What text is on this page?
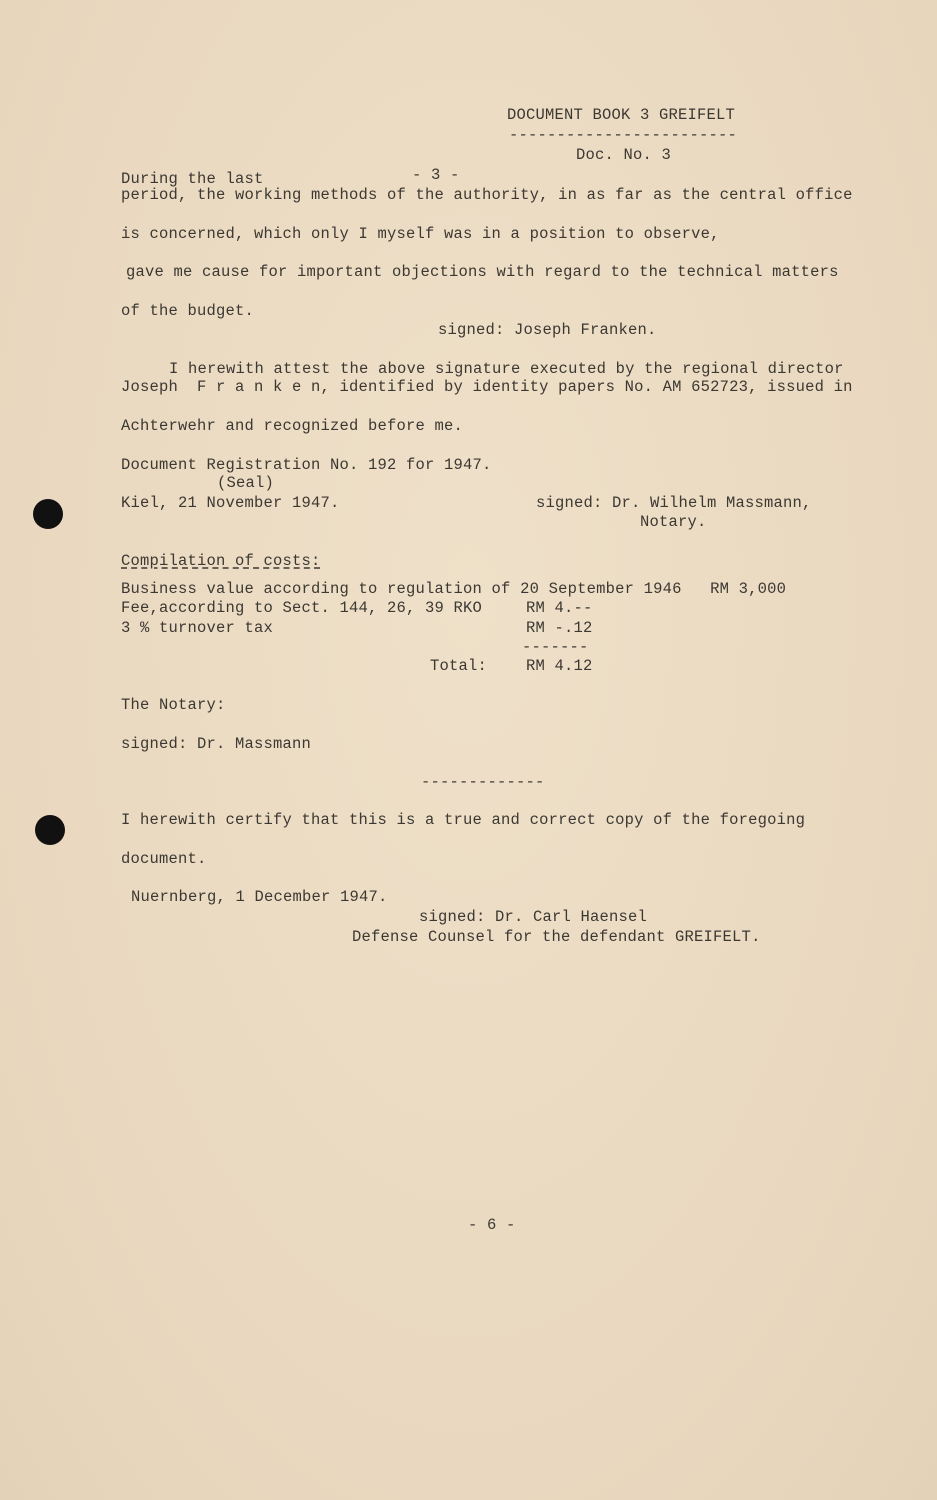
DOCUMENT BOOK 3 GREIFELT
------------------------
Doc. No. 3
- 3 -
During the last
period, the working methods of the authority, in as far as the central office
is concerned, which only I myself was in a position to observe,
gave me cause for important objections with regard to the technical matters
of the budget.
signed: Joseph Franken.
I herewith attest the above signature executed by the regional director
Joseph  F r a n k e n, identified by identity papers No. AM 652723, issued in
Achterwehr and recognized before me.
Document Registration No. 192 for 1947.
(Seal)
Kiel, 21 November 1947.	signed: Dr. Wilhelm Massmann,
Notary.
Compilation of costs:
Business value according to regulation of 20 September 1946   RM 3,000
Fee,according to Sect. 144, 26, 39 RKO	RM 4.--
3 % turnover tax	RM -.12
-------
Total:	RM 4.12
The Notary:
signed: Dr. Massmann
-------------
I herewith certify that this is a true and correct copy of the foregoing
document.
Nuernberg, 1 December 1947.
signed: Dr. Carl Haensel
Defense Counsel for the defendant GREIFELT.
- 6 -
